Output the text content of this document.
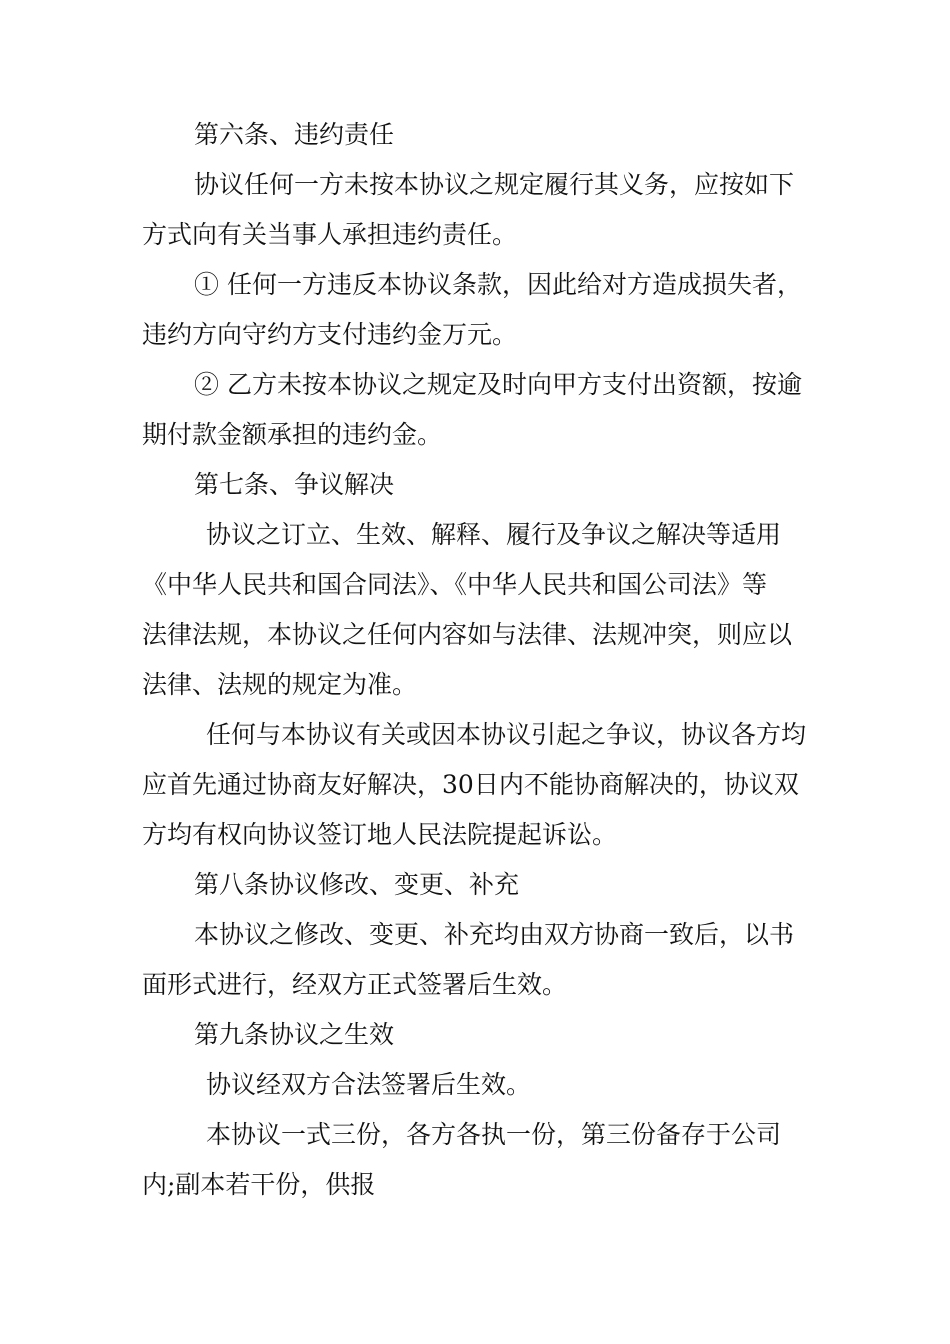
第六条、违约责任
协议任何一方未按本协议之规定履行其义务，应按如下
方式向有关当事人承担违约责任。
① 任何一方违反本协议条款，因此给对方造成损失者，
违约方向守约方支付违约金万元。
② 乙方未按本协议之规定及时向甲方支付出资额，按逾
期付款金额承担的违约金。
第七条、争议解决
协议之订立、生效、解释、履行及争议之解决等适用
《中华人民共和国合同法》、《中华人民共和国公司法》等
法律法规，本协议之任何内容如与法律、法规冲突，则应以
法律、法规的规定为准。
任何与本协议有关或因本协议引起之争议，协议各方均
应首先通过协商友好解决，30日内不能协商解决的，协议双
方均有权向协议签订地人民法院提起诉讼。
第八条协议修改、变更、补充
本协议之修改、变更、补充均由双方协商一致后，以书
面形式进行，经双方正式签署后生效。
第九条协议之生效
协议经双方合法签署后生效。
本协议一式三份，各方各执一份，第三份备存于公司
内;副本若干份，供报
